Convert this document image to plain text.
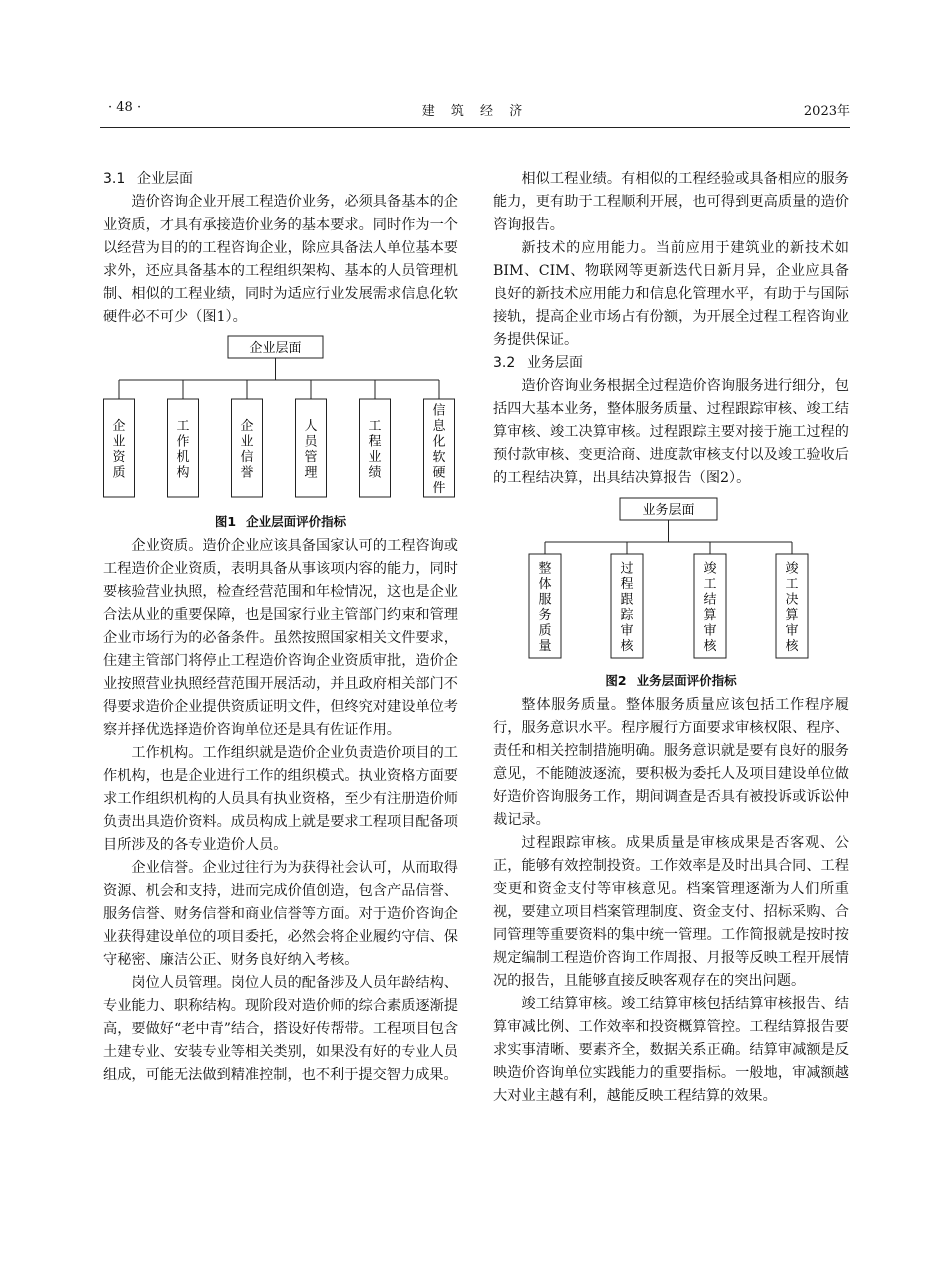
· 48 ·	建 筑 经 济	2023年
3.1 企业层面

造价咨询企业开展工程造价业务，必须具备基本的企业资质，才具有承接造价业务的基本要求。同时作为一个以经营为目的的工程咨询企业，除应具备法人单位基本要求外，还应具备基本的工程组织架构、基本的人员管理机制、相似的工程业绩，同时为适应行业发展需求信息化软硬件必不可少（图1）。

企业层面
企业资质
工作机构
企业信誉
人员管理
工程业绩
信息化软硬件
图1 企业层面评价指标

企业资质。造价企业应该具备国家认可的工程咨询或工程造价企业资质，表明具备从事该项内容的能力，同时要核验营业执照，检查经营范围和年检情况，这也是企业合法从业的重要保障，也是国家行业主管部门约束和管理企业市场行为的必备条件。虽然按照国家相关文件要求，住建主管部门将停止工程造价咨询企业资质审批，造价企业按照营业执照经营范围开展活动，并且政府相关部门不得要求造价企业提供资质证明文件，但终究对建设单位考察并择优选择造价咨询单位还是具有佐证作用。

工作机构。工作组织就是造价企业负责造价项目的工作机构，也是企业进行工作的组织模式。执业资格方面要求工作组织机构的人员具有执业资格，至少有注册造价师负责出具造价资料。成员构成上就是要求工程项目配备项目所涉及的各专业造价人员。

企业信誉。企业过往行为为获得社会认可，从而取得资源、机会和支持，进而完成价值创造，包含产品信誉、服务信誉、财务信誉和商业信誉等方面。对于造价咨询企业获得建设单位的项目委托，必然会将企业履约守信、保守秘密、廉洁公正、财务良好纳入考核。

岗位人员管理。岗位人员的配备涉及人员年龄结构、专业能力、职称结构。现阶段对造价师的综合素质逐渐提高，要做好“老中青”结合，搭设好传帮带。工程项目包含土建专业、安装专业等相关类别，如果没有好的专业人员组成，可能无法做到精准控制，也不利于提交智力成果。

相似工程业绩。有相似的工程经验或具备相应的服务能力，更有助于工程顺利开展，也可得到更高质量的造价咨询报告。

新技术的应用能力。当前应用于建筑业的新技术如BIM、CIM、物联网等更新迭代日新月异，企业应具备良好的新技术应用能力和信息化管理水平，有助于与国际接轨，提高企业市场占有份额，为开展全过程工程咨询业务提供保证。

3.2 业务层面

造价咨询业务根据全过程造价咨询服务进行细分，包括四大基本业务，整体服务质量、过程跟踪审核、竣工结算审核、竣工决算审核。过程跟踪主要对接于施工过程的预付款审核、变更洽商、进度款审核支付以及竣工验收后的工程结决算，出具结决算报告（图2）。

业务层面
整体服务质量
过程跟踪审核
竣工结算审核
竣工决算审核
图2 业务层面评价指标

整体服务质量。整体服务质量应该包括工作程序履行，服务意识水平。程序履行方面要求审核权限、程序、责任和相关控制措施明确。服务意识就是要有良好的服务意见，不能随波逐流，要积极为委托人及项目建设单位做好造价咨询服务工作，期间调查是否具有被投诉或诉讼仲裁记录。

过程跟踪审核。成果质量是审核成果是否客观、公正，能够有效控制投资。工作效率是及时出具合同、工程变更和资金支付等审核意见。档案管理逐渐为人们所重视，要建立项目档案管理制度、资金支付、招标采购、合同管理等重要资料的集中统一管理。工作简报就是按时按规定编制工程造价咨询工作周报、月报等反映工程开展情况的报告，且能够直接反映客观存在的突出问题。

竣工结算审核。竣工结算审核包括结算审核报告、结算审减比例、工作效率和投资概算管控。工程结算报告要求实事清晰、要素齐全，数据关系正确。结算审减额是反映造价咨询单位实践能力的重要指标。一般地，审减额越大对业主越有利，越能反映工程结算的效果。
